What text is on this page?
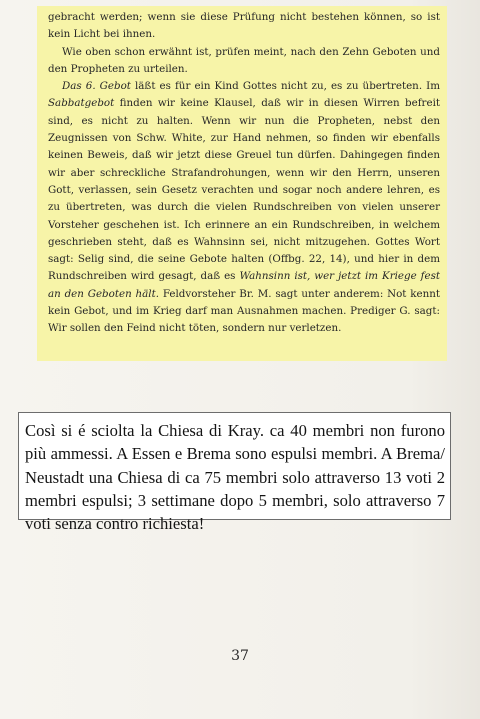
gebracht werden; wenn sie diese Prüfung nicht bestehen können, so ist kein Licht bei ihnen.

Wie oben schon erwähnt ist, prüfen meint, nach den Zehn Geboten und den Propheten zu urteilen.

Das 6. Gebot läßt es für ein Kind Gottes nicht zu, es zu übertreten. Im Sabbatgebot finden wir keine Klausel, daß wir in diesen Wirren befreit sind, es nicht zu halten. Wenn wir nun die Propheten, nebst den Zeugnissen von Schw. White, zur Hand nehmen, so finden wir ebenfalls keinen Beweis, daß wir jetzt diese Greuel tun dürfen. Dahingegen finden wir aber schreckliche Strafandrohungen, wenn wir den Herrn, unseren Gott, verlassen, sein Gesetz verachten und sogar noch andere lehren, es zu übertreten, was durch die vielen Rundschreiben von vielen unserer Vorsteher geschehen ist. Ich erinnere an ein Rundschreiben, in welchem geschrieben steht, daß es Wahnsinn sei, nicht mitzugehen. Gottes Wort sagt: Selig sind, die seine Gebote halten (Offbg. 22, 14), und hier in dem Rundschreiben wird gesagt, daß es Wahnsinn ist, wer jetzt im Kriege fest an den Geboten hält. Feldvorsteher Br. M. sagt unter anderem: Not kennt kein Gebot, und im Krieg darf man Ausnahmen machen. Prediger G. sagt: Wir sollen den Feind nicht töten, sondern nur verletzen.

Così si é sciolta la Chiesa di Kray. ca 40 membri non furono più ammessi. A Essen e Brema sono espulsi membri. A Brema/ Neustadt una Chiesa di ca 75 membri solo attraverso 13 voti 2 membri espulsi; 3 settimane dopo 5 membri, solo attraverso 7 voti senza contro richiesta!

37
